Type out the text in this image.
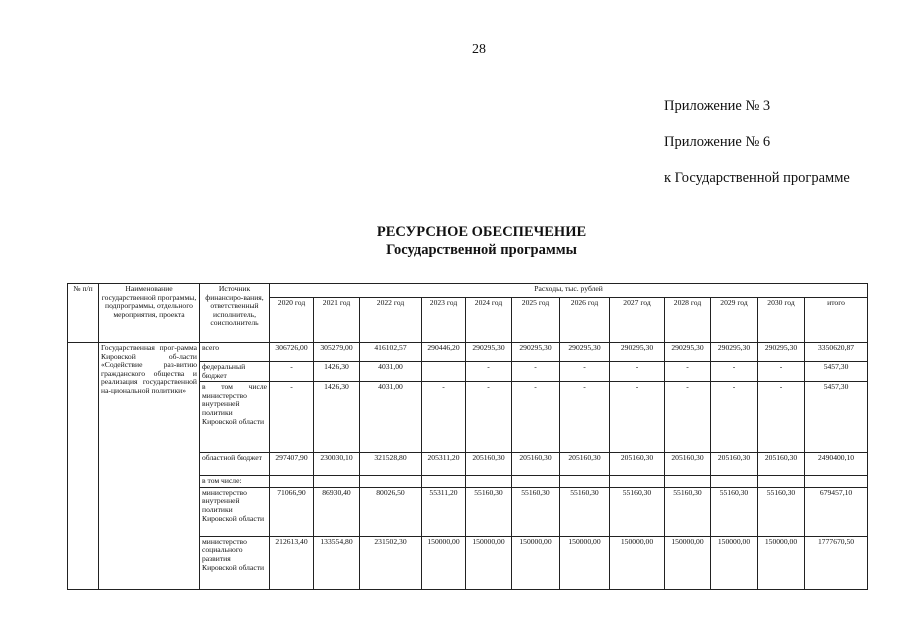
28
Приложение № 3
Приложение № 6
к Государственной программе
РЕСУРСНОЕ ОБЕСПЕЧЕНИЕ
Государственной программы
№ п/п	Наименование государственной программы, подпрограммы, отдельного мероприятия, проекта	Источник финансиро-вания, ответственный исполнитель, соисполнитель	Расходы, тыс. рублей											
			2020 год	2021 год	2022 год	2023 год	2024 год	2025 год	2026 год	2027 год	2028 год	2029 год	2030 год	итого
	Государственная прог-рамма Кировской об-ласти «Содействие раз-витию гражданского общества и реализация государственной на-циональной политики»	всего	306726,00	305279,00	416102,57	290446,20	290295,30	290295,30	290295,30	290295,30	290295,30	290295,30	290295,30	3350620,87
		федеральный бюджет	-	1426,30	4031,00		-	-	-	-	-	-	-	5457,30
		в том числе министерство внутренней политики Кировской области	-	1426,30	4031,00	-	-	-	-	-	-	-	-	5457,30
		областной бюджет	297407,90	230030,10	321528,80	205311,20	205160,30	205160,30	205160,30	205160,30	205160,30	205160,30	205160,30	2490400,10
		в том числе:												
		министерство внутренней политики Кировской области	71066,90	86930,40	80026,50	55311,20	55160,30	55160,30	55160,30	55160,30	55160,30	55160,30	55160,30	679457,10
		министерство социального развития Кировской области	212613,40	133554,80	231502,30	150000,00	150000,00	150000,00	150000,00	150000,00	150000,00	150000,00	150000,00	1777670,50
